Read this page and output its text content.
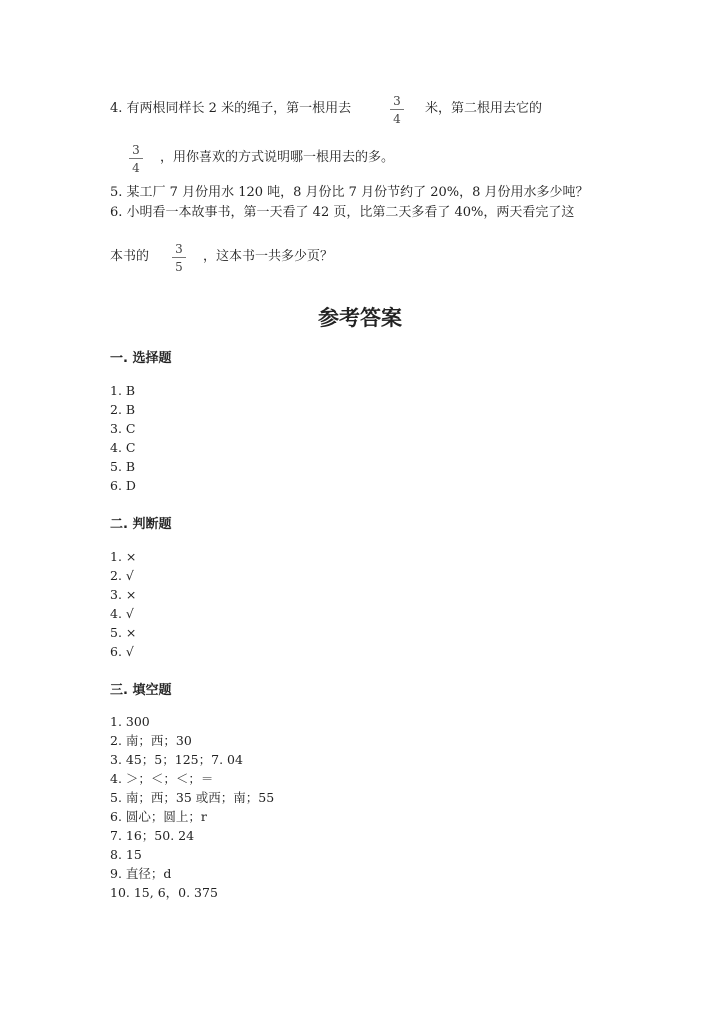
4. 有两根同样长 2 米的绳子，第一根用去	3
4
米，第二根用去它的
3
4
，用你喜欢的方式说明哪一根用去的多。
5. 某工厂 7 月份用水 120 吨，8 月份比 7 月份节约了 20%，8 月份用水多少吨？
6. 小明看一本故事书，第一天看了 42 页，比第二天多看了 40%，两天看完了这
本书的 3
5
，这本书一共多少页？
参考答案
一. 选择题
1. B
2. B
3. C
4. C
5. B
6. D
二. 判断题
1. ×
2. √
3. ×
4. √
5. ×
6. √
三. 填空题
1. 300
2. 南；西；30
3. 45；5；125；7. 04
4. ＞；＜；＜；＝
5. 南；西；35 或西；南；55
6. 圆心；圆上；r
7. 16；50. 24
8. 15
9. 直径；d
10. 15, 6，0. 375
